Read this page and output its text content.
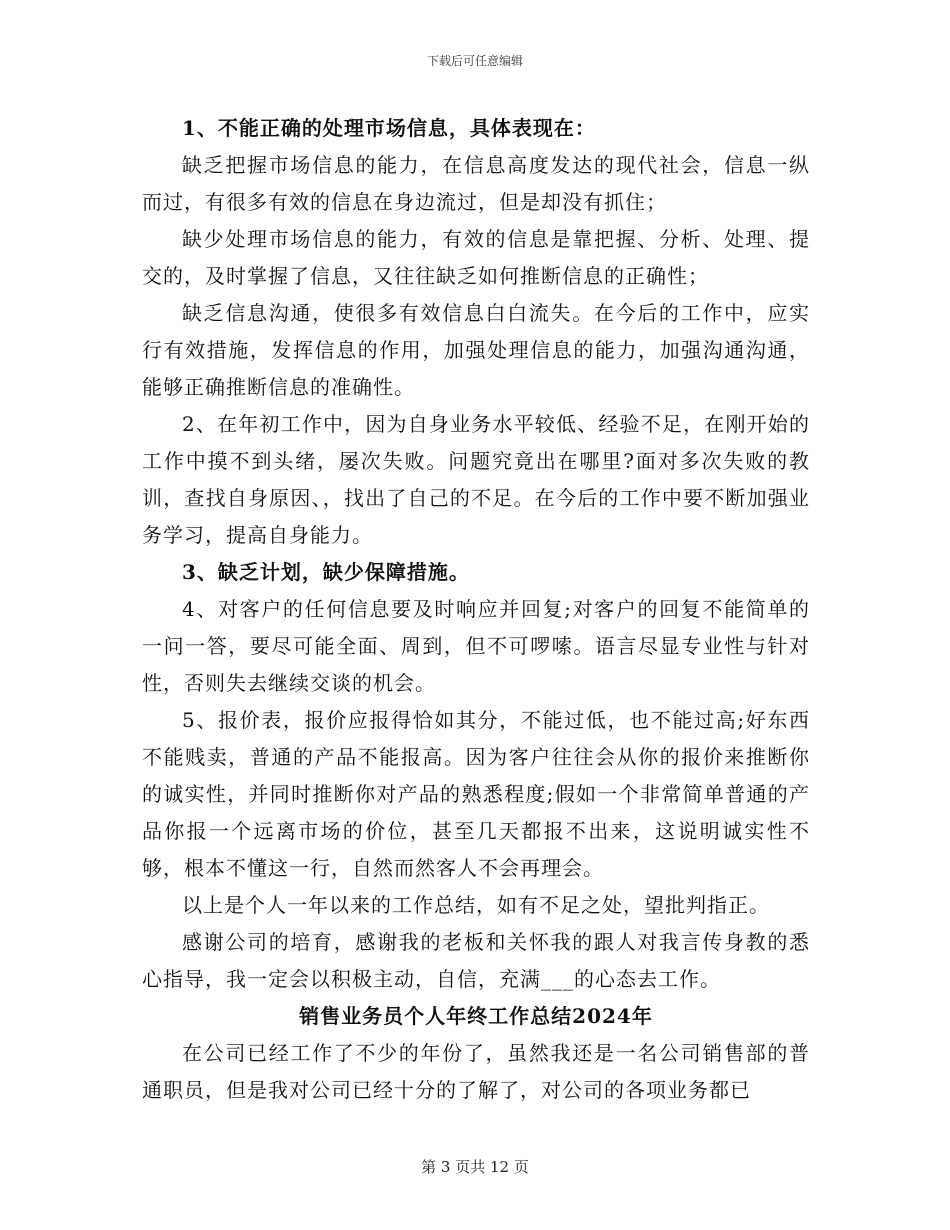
下载后可任意编辑

1、不能正确的处理市场信息，具体表现在：

缺乏把握市场信息的能力，在信息高度发达的现代社会，信息一纵而过，有很多有效的信息在身边流过，但是却没有抓住；

缺少处理市场信息的能力，有效的信息是靠把握、分析、处理、提交的，及时掌握了信息，又往往缺乏如何推断信息的正确性；

缺乏信息沟通，使很多有效信息白白流失。在今后的工作中，应实行有效措施，发挥信息的作用，加强处理信息的能力，加强沟通沟通，能够正确推断信息的准确性。

2、在年初工作中，因为自身业务水平较低、经验不足，在刚开始的工作中摸不到头绪，屡次失败。问题究竟出在哪里?面对多次失败的教训，查找自身原因、，找出了自己的不足。在今后的工作中要不断加强业务学习，提高自身能力。

3、缺乏计划，缺少保障措施。

4、对客户的任何信息要及时响应并回复;对客户的回复不能简单的一问一答，要尽可能全面、周到，但不可啰嗦。语言尽显专业性与针对性，否则失去继续交谈的机会。

5、报价表，报价应报得恰如其分，不能过低，也不能过高;好东西不能贱卖，普通的产品不能报高。因为客户往往会从你的报价来推断你的诚实性，并同时推断你对产品的熟悉程度;假如一个非常简单普通的产品你报一个远离市场的价位，甚至几天都报不出来，这说明诚实性不够，根本不懂这一行，自然而然客人不会再理会。

以上是个人一年以来的工作总结，如有不足之处，望批判指正。

感谢公司的培育，感谢我的老板和关怀我的跟人对我言传身教的悉心指导，我一定会以积极主动，自信，充满___的心态去工作。

销售业务员个人年终工作总结2024年

在公司已经工作了不少的年份了，虽然我还是一名公司销售部的普通职员，但是我对公司已经十分的了解了，对公司的各项业务都已

第 3 页共 12 页
